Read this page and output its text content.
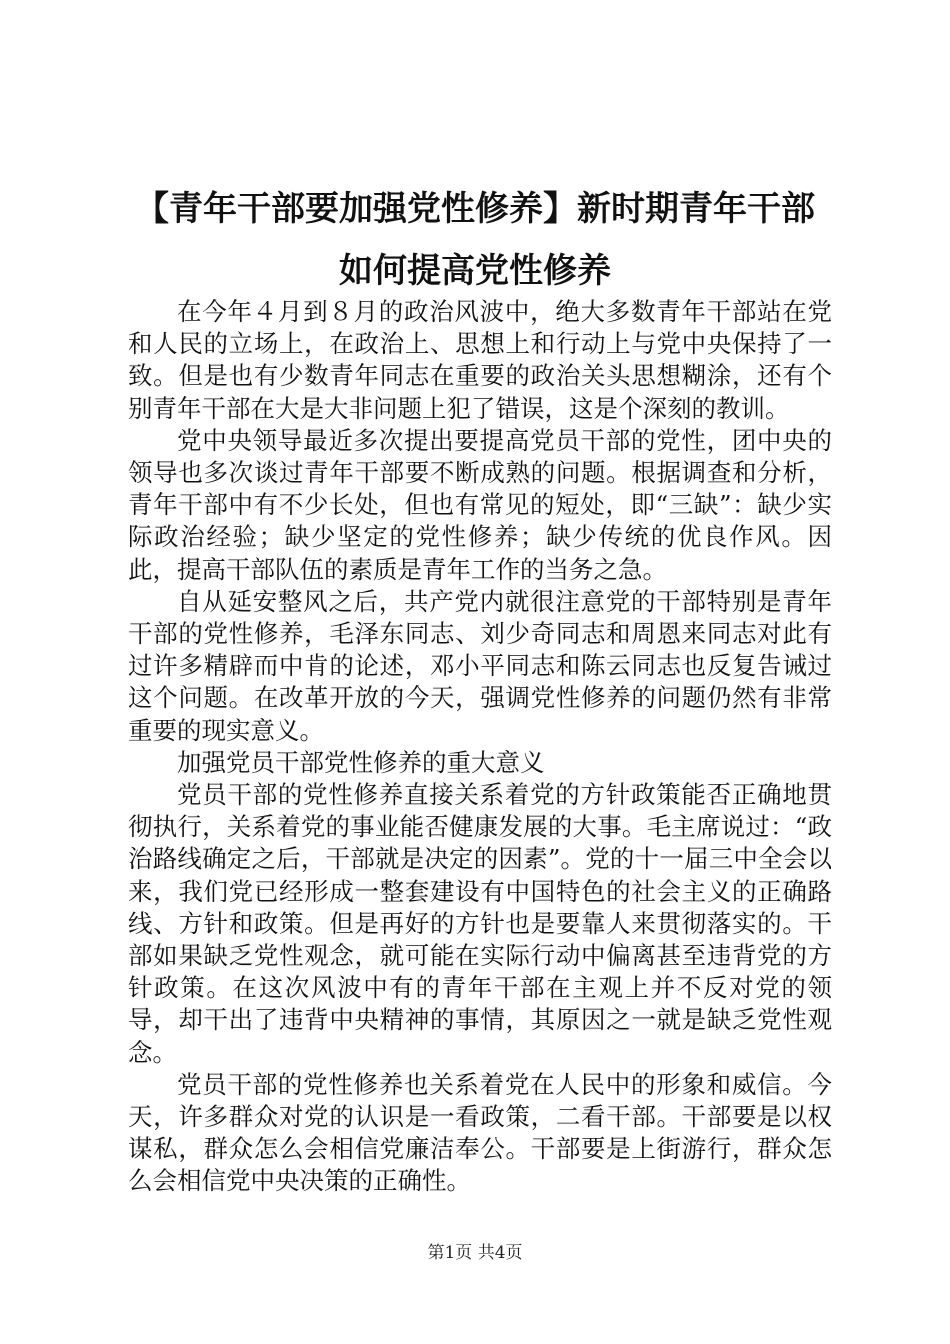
【青年干部要加强党性修养】新时期青年干部
如何提高党性修养

在今年４月到８月的政治风波中，绝大多数青年干部站在党和人民的立场上，在政治上、思想上和行动上与党中央保持了一致。但是也有少数青年同志在重要的政治关头思想糊涂，还有个别青年干部在大是大非问题上犯了错误，这是个深刻的教训。

党中央领导最近多次提出要提高党员干部的党性，团中央的领导也多次谈过青年干部要不断成熟的问题。根据调查和分析，青年干部中有不少长处，但也有常见的短处，即“三缺”：缺少实际政治经验；缺少坚定的党性修养；缺少传统的优良作风。因此，提高干部队伍的素质是青年工作的当务之急。

自从延安整风之后，共产党内就很注意党的干部特别是青年干部的党性修养，毛泽东同志、刘少奇同志和周恩来同志对此有过许多精辟而中肯的论述，邓小平同志和陈云同志也反复告诫过这个问题。在改革开放的今天，强调党性修养的问题仍然有非常重要的现实意义。

加强党员干部党性修养的重大意义

党员干部的党性修养直接关系着党的方针政策能否正确地贯彻执行，关系着党的事业能否健康发展的大事。毛主席说过：“政治路线确定之后，干部就是决定的因素”。党的十一届三中全会以来，我们党已经形成一整套建设有中国特色的社会主义的正确路线、方针和政策。但是再好的方针也是要靠人来贯彻落实的。干部如果缺乏党性观念，就可能在实际行动中偏离甚至违背党的方针政策。在这次风波中有的青年干部在主观上并不反对党的领导，却干出了违背中央精神的事情，其原因之一就是缺乏党性观念。

党员干部的党性修养也关系着党在人民中的形象和威信。今天，许多群众对党的认识是一看政策，二看干部。干部要是以权谋私，群众怎么会相信党廉洁奉公。干部要是上街游行，群众怎么会相信党中央决策的正确性。

第1页 共4页
